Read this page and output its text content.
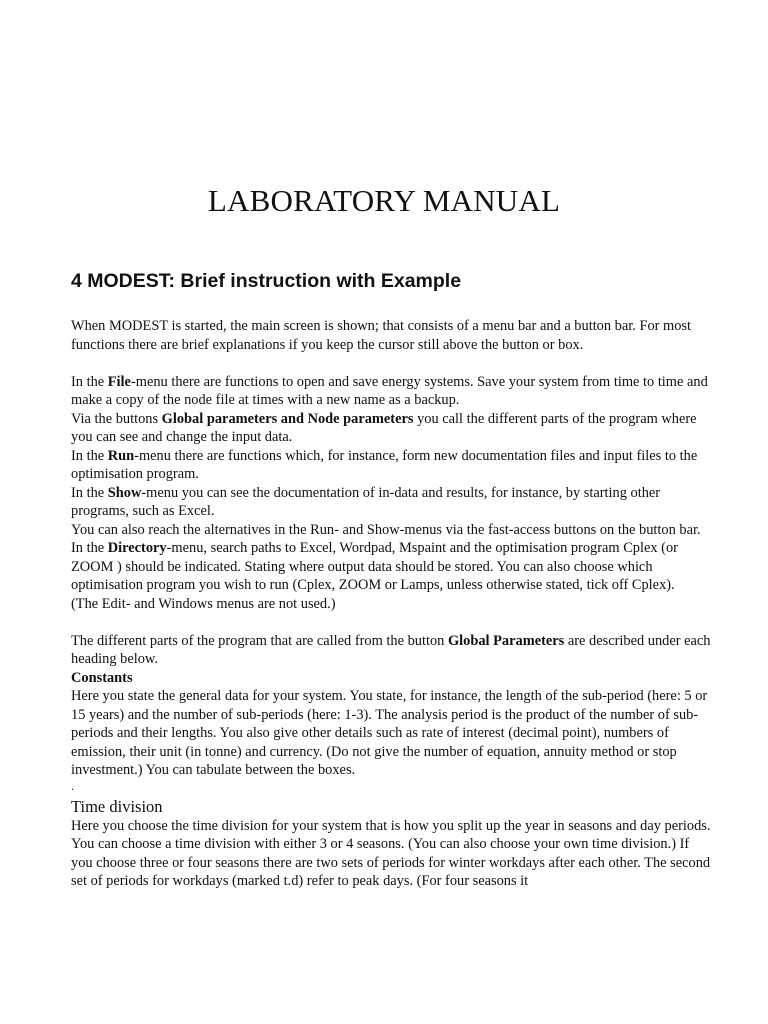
LABORATORY MANUAL
4 MODEST: Brief instruction with Example

When MODEST is started, the main screen is shown; that consists of a menu bar and a button bar. For most functions there are brief explanations if you keep the cursor still above the button or box.

In the File-menu there are functions to open and save energy systems. Save your system from time to time and make a copy of the node file at times with a new name as a backup.

Via the buttons Global parameters and Node parameters you call the different parts of the program where you can see and change the input data.

In the Run-menu there are functions which, for instance, form new documentation files and input files to the optimisation program.

In the Show-menu you can see the documentation of in-data and results, for instance, by starting other programs, such as Excel.

You can also reach the alternatives in the Run- and Show-menus via the fast-access buttons on the button bar.

In the Directory-menu, search paths to Excel, Wordpad, Mspaint and the optimisation program Cplex (or ZOOM ) should be indicated. Stating where output data should be stored. You can also choose which optimisation program you wish to run (Cplex, ZOOM or Lamps, unless otherwise stated, tick off Cplex).

(The Edit- and Windows menus are not used.)

The different parts of the program that are called from the button Global Parameters are described under each heading below.

Constants

Here you state the general data for your system. You state, for instance, the length of the sub-period (here: 5 or 15 years) and the number of sub-periods (here: 1-3). The analysis period is the product of the number of sub-periods and their lengths. You also give other details such as rate of interest (decimal point), numbers of emission, their unit (in tonne) and currency. (Do not give the number of equation, annuity method or stop investment.) You can tabulate between the boxes.

.

Time division

Here you choose the time division for your system that is how you split up the year in seasons and day periods. You can choose a time division with either 3 or 4 seasons. (You can also choose your own time division.) If you choose three or four seasons there are two sets of periods for winter workdays after each other. The second set of periods for workdays (marked t.d) refer to peak days. (For four seasons it
